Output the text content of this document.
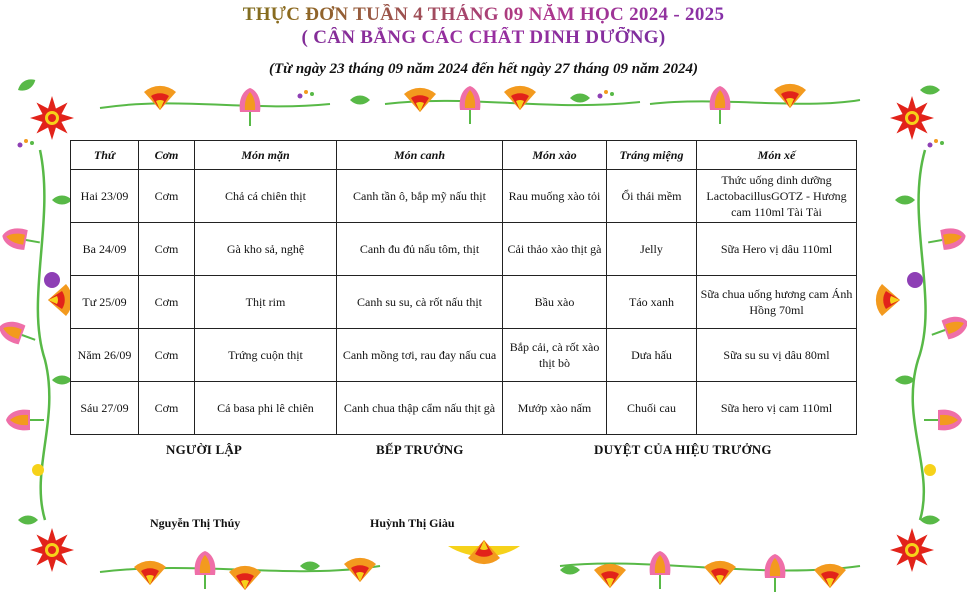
THỰC ĐƠN TUẦN 4 THÁNG 09 NĂM HỌC 2024 - 2025
( CÂN BẰNG CÁC CHẤT DINH DƯỠNG)
(Từ ngày 23 tháng 09 năm 2024 đến hết ngày 27 tháng 09 năm 2024)
Thứ	Cơm	Món mặn	Món canh	Món xào	Tráng miệng	Món xế
Hai 23/09	Cơm	Chả cá chiên thịt	Canh tần ô, bắp mỹ nấu thịt	Rau muống xào tỏi	Ổi thái mềm	Thức uống dinh dưỡng LactobacillusGOTZ - Hương cam 110ml Tài Tài
Ba 24/09	Cơm	Gà kho sả, nghệ	Canh đu đủ nấu tôm, thịt	Cải thảo xào thịt gà	Jelly	Sữa Hero vị dâu 110ml
Tư 25/09	Cơm	Thịt rim	Canh su su, cà rốt nấu thịt	Bầu xào	Táo xanh	Sữa chua uống hương cam Ánh Hồng 70ml
Năm 26/09	Cơm	Trứng cuộn thịt	Canh mồng tơi, rau đay nấu cua	Bắp cải, cà rốt xào thịt bò	Dưa hấu	Sữa su su vị dâu 80ml
Sáu 27/09	Cơm	Cá basa phi lê chiên	Canh chua thập cẩm nấu thịt gà	Mướp xào nấm	Chuối cau	Sữa hero vị cam 110ml
NGƯỜI LẬP	BẾP TRƯỞNG	DUYỆT CỦA HIỆU TRƯỞNG
Nguyễn Thị Thúy	Huỳnh Thị Giàu
